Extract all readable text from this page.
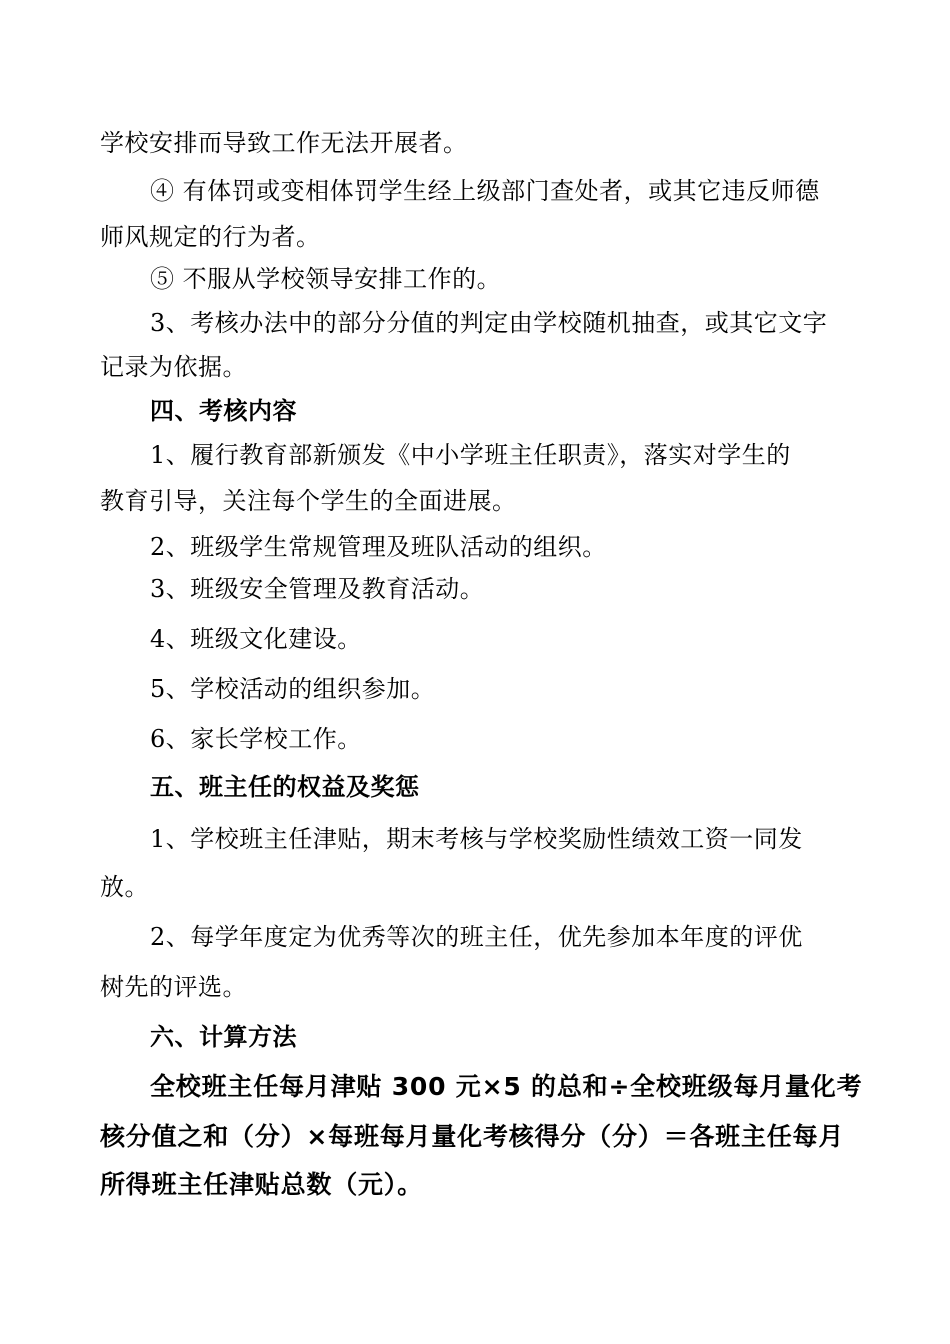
学校安排而导致工作无法开展者。
④ 有体罚或变相体罚学生经上级部门查处者，或其它违反师德
师风规定的行为者。
⑤ 不服从学校领导安排工作的。
3、考核办法中的部分分值的判定由学校随机抽查，或其它文字
记录为依据。
四、考核内容
1、履行教育部新颁发《中小学班主任职责》，落实对学生的
教育引导，关注每个学生的全面进展。
2、班级学生常规管理及班队活动的组织。
3、班级安全管理及教育活动。
4、班级文化建设。
5、学校活动的组织参加。
6、家长学校工作。
五、班主任的权益及奖惩
1、学校班主任津贴，期末考核与学校奖励性绩效工资一同发
放。
2、每学年度定为优秀等次的班主任，优先参加本年度的评优
树先的评选。
六、计算方法
全校班主任每月津贴 300 元×5 的总和÷全校班级每月量化考
核分值之和（分）×每班每月量化考核得分（分）＝各班主任每月
所得班主任津贴总数（元）。
